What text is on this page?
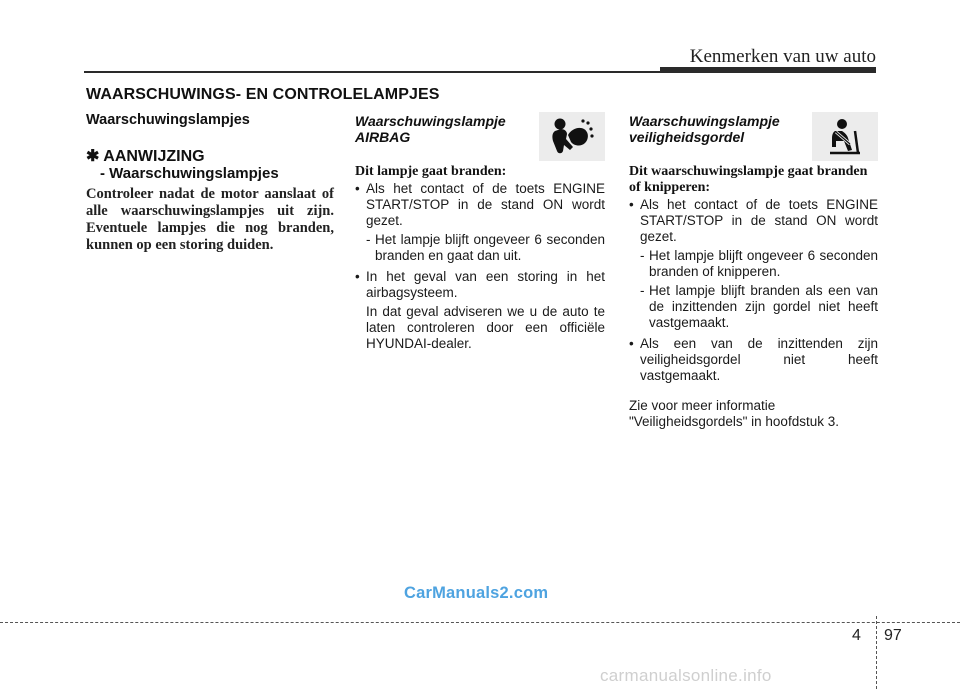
Kenmerken van uw auto
WAARSCHUWINGS- EN CONTROLELAMPJES
Waarschuwingslampjes
✱ AANWIJZING
- Waarschuwingslampjes
Controleer nadat de motor aanslaat of alle waarschuwingslampjes uit zijn. Eventuele lampjes die nog branden, kunnen op een storing duiden.
Waarschuwingslampje
AIRBAG
Dit lampje gaat branden:
• Als het contact of de toets ENGINE START/STOP in de stand ON wordt gezet.
- Het lampje blijft ongeveer 6 seconden branden en gaat dan uit.
• In het geval van een storing in het airbagsysteem.
In dat geval adviseren we u de auto te laten controleren door een officiële HYUNDAI-dealer.
Waarschuwingslampje
veiligheidsgordel
Dit waarschuwingslampje gaat branden of knipperen:
• Als het contact of de toets ENGINE START/STOP in de stand ON wordt gezet.
- Het lampje blijft ongeveer 6 seconden branden of knipperen.
- Het lampje blijft branden als een van de inzittenden zijn gordel niet heeft vastgemaakt.
• Als een van de inzittenden zijn veiligheidsgordel niet heeft vastgemaakt.
Zie voor meer informatie "Veiligheidsgordels" in hoofdstuk 3.
CarManuals2.com
4 97
carmanualsonline.info
